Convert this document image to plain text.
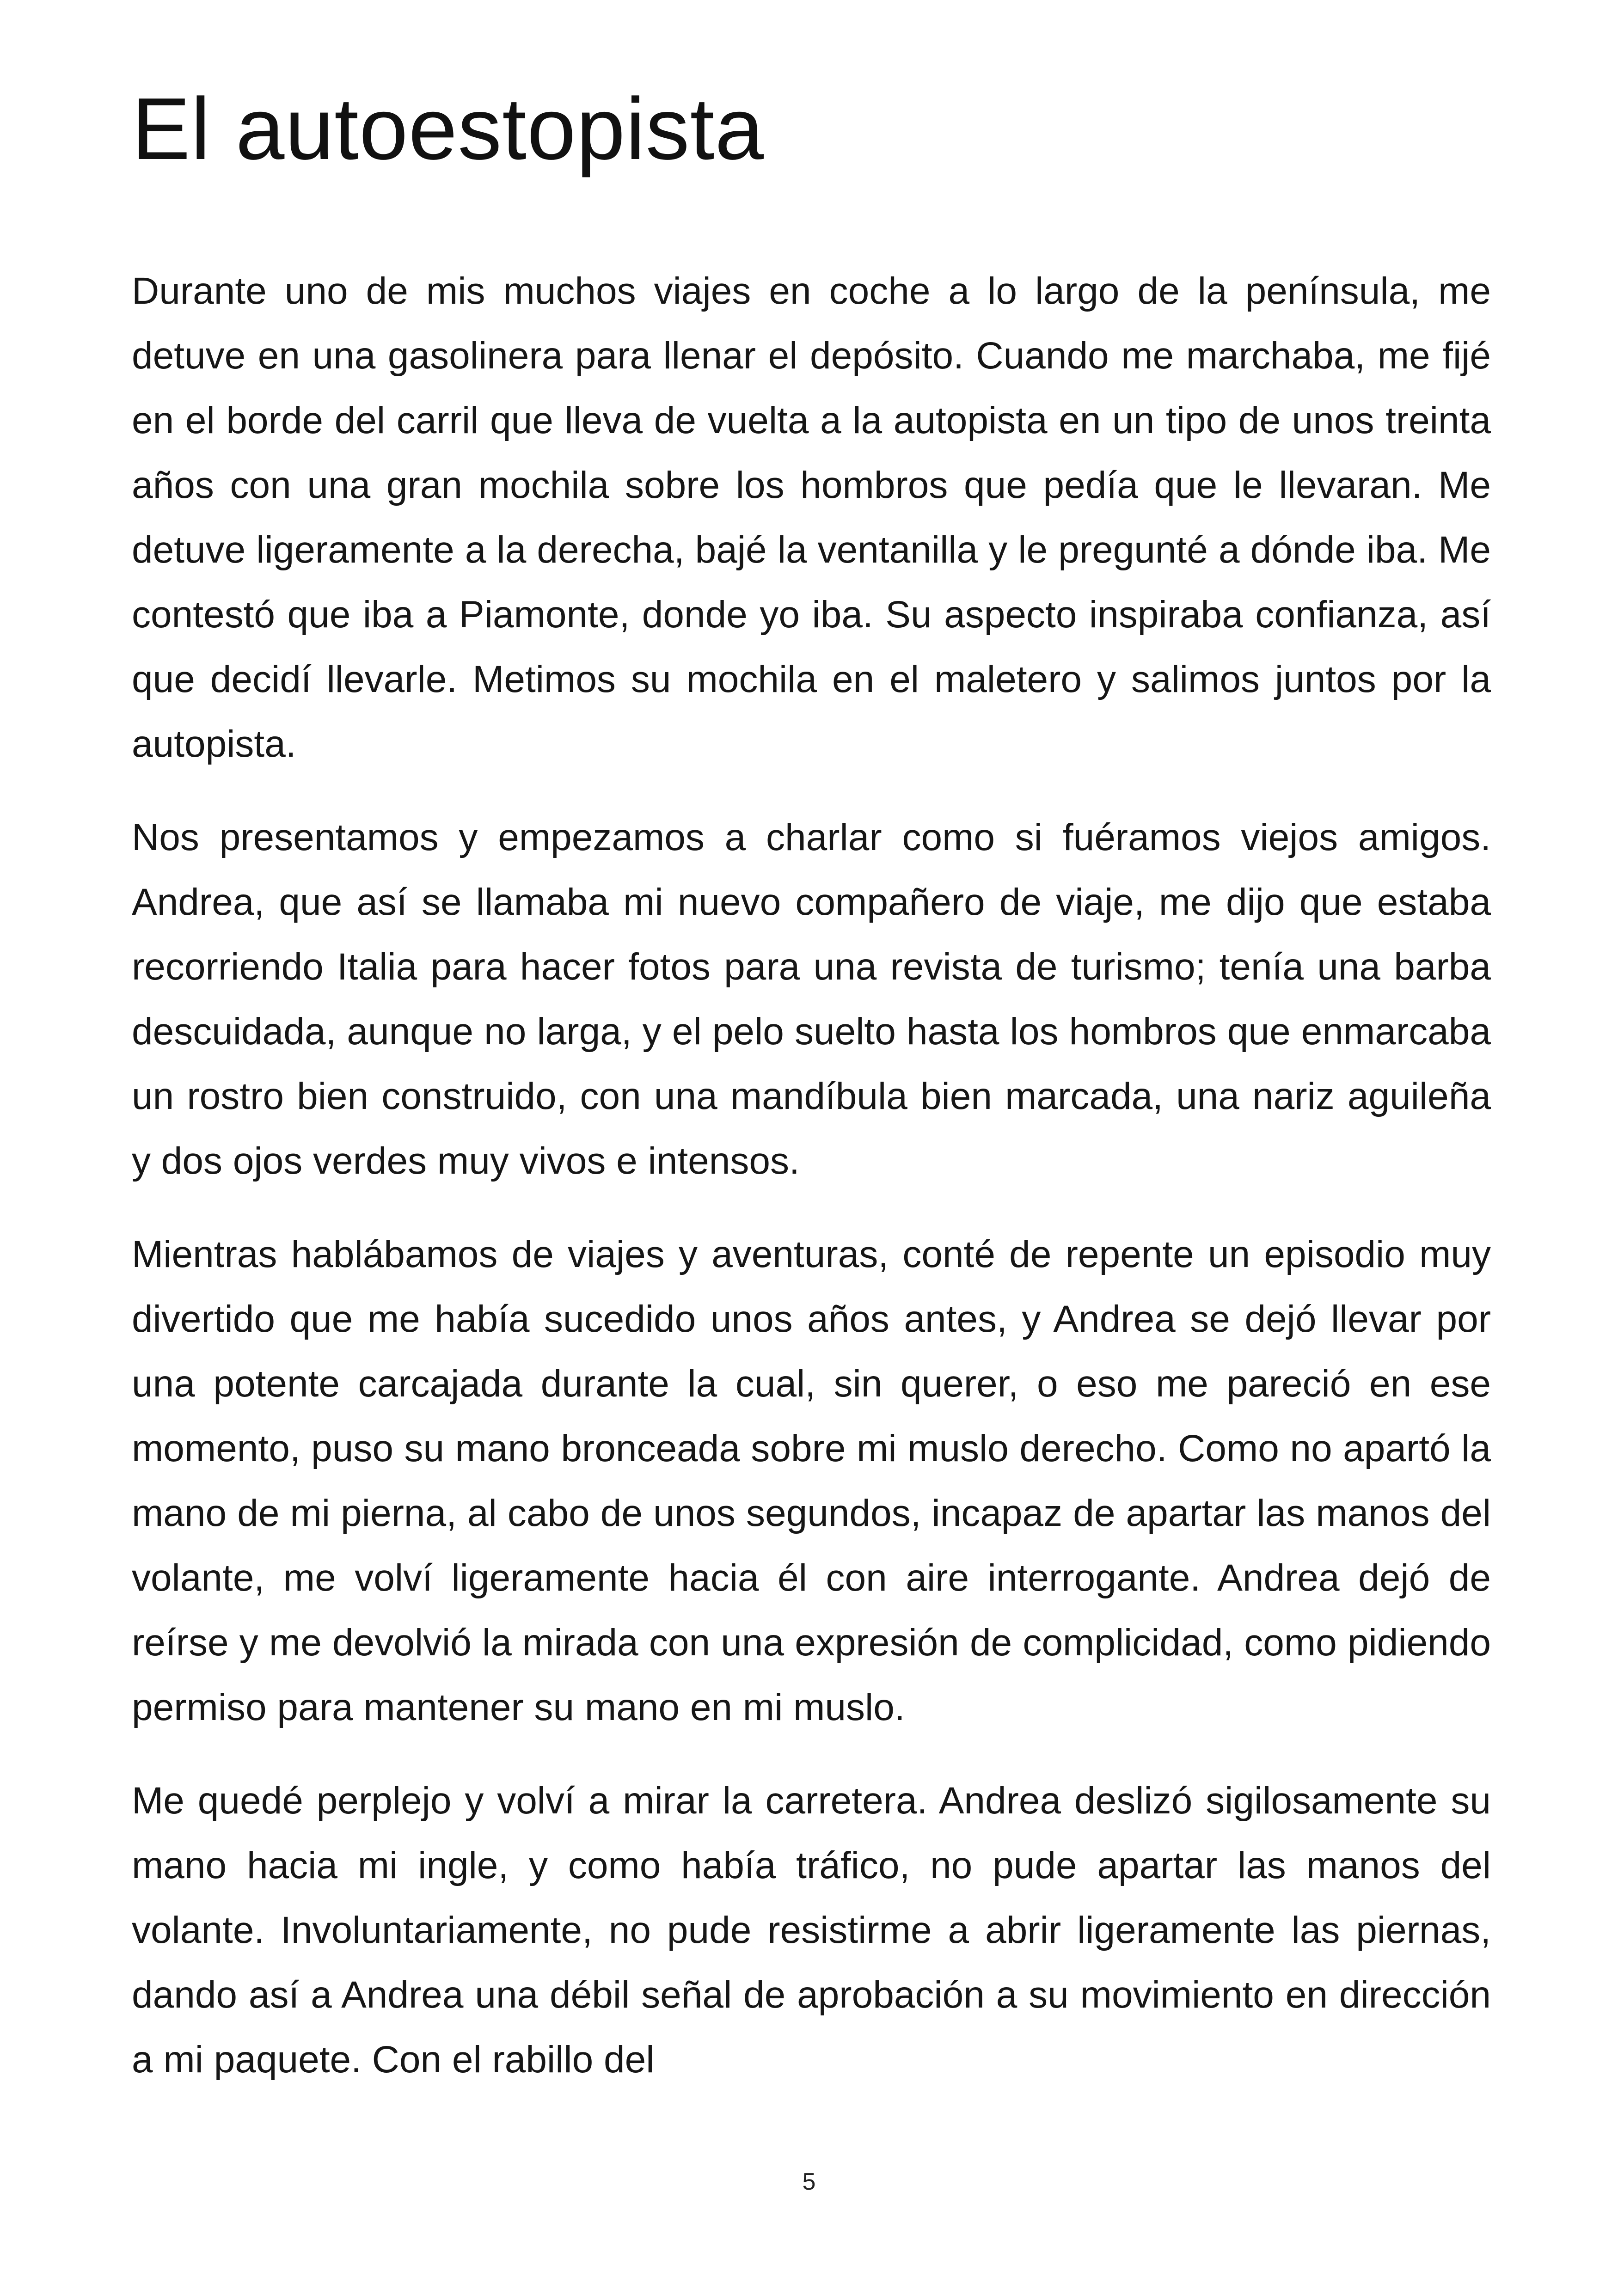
El autoestopista

Durante uno de mis muchos viajes en coche a lo largo de la península, me detuve en una gasolinera para llenar el depósito. Cuando me marchaba, me fijé en el borde del carril que lleva de vuelta a la autopista en un tipo de unos treinta años con una gran mochila sobre los hombros que pedía que le llevaran. Me detuve ligeramente a la derecha, bajé la ventanilla y le pregunté a dónde iba. Me contestó que iba a Piamonte, donde yo iba. Su aspecto inspiraba confianza, así que decidí llevarle. Metimos su mochila en el maletero y salimos juntos por la autopista.

Nos presentamos y empezamos a charlar como si fuéramos viejos amigos. Andrea, que así se llamaba mi nuevo compañero de viaje, me dijo que estaba recorriendo Italia para hacer fotos para una revista de turismo; tenía una barba descuidada, aunque no larga, y el pelo suelto hasta los hombros que enmarcaba un rostro bien construido, con una mandíbula bien marcada, una nariz aguileña y dos ojos verdes muy vivos e intensos.

Mientras hablábamos de viajes y aventuras, conté de repente un episodio muy divertido que me había sucedido unos años antes, y Andrea se dejó llevar por una potente carcajada durante la cual, sin querer, o eso me pareció en ese momento, puso su mano bronceada sobre mi muslo derecho. Como no apartó la mano de mi pierna, al cabo de unos segundos, incapaz de apartar las manos del volante, me volví ligeramente hacia él con aire interrogante. Andrea dejó de reírse y me devolvió la mirada con una expresión de complicidad, como pidiendo permiso para mantener su mano en mi muslo.

Me quedé perplejo y volví a mirar la carretera. Andrea deslizó sigilosamente su mano hacia mi ingle, y como había tráfico, no pude apartar las manos del volante. Involuntariamente, no pude resistirme a abrir ligeramente las piernas, dando así a Andrea una débil señal de aprobación a su movimiento en dirección a mi paquete. Con el rabillo del

5
